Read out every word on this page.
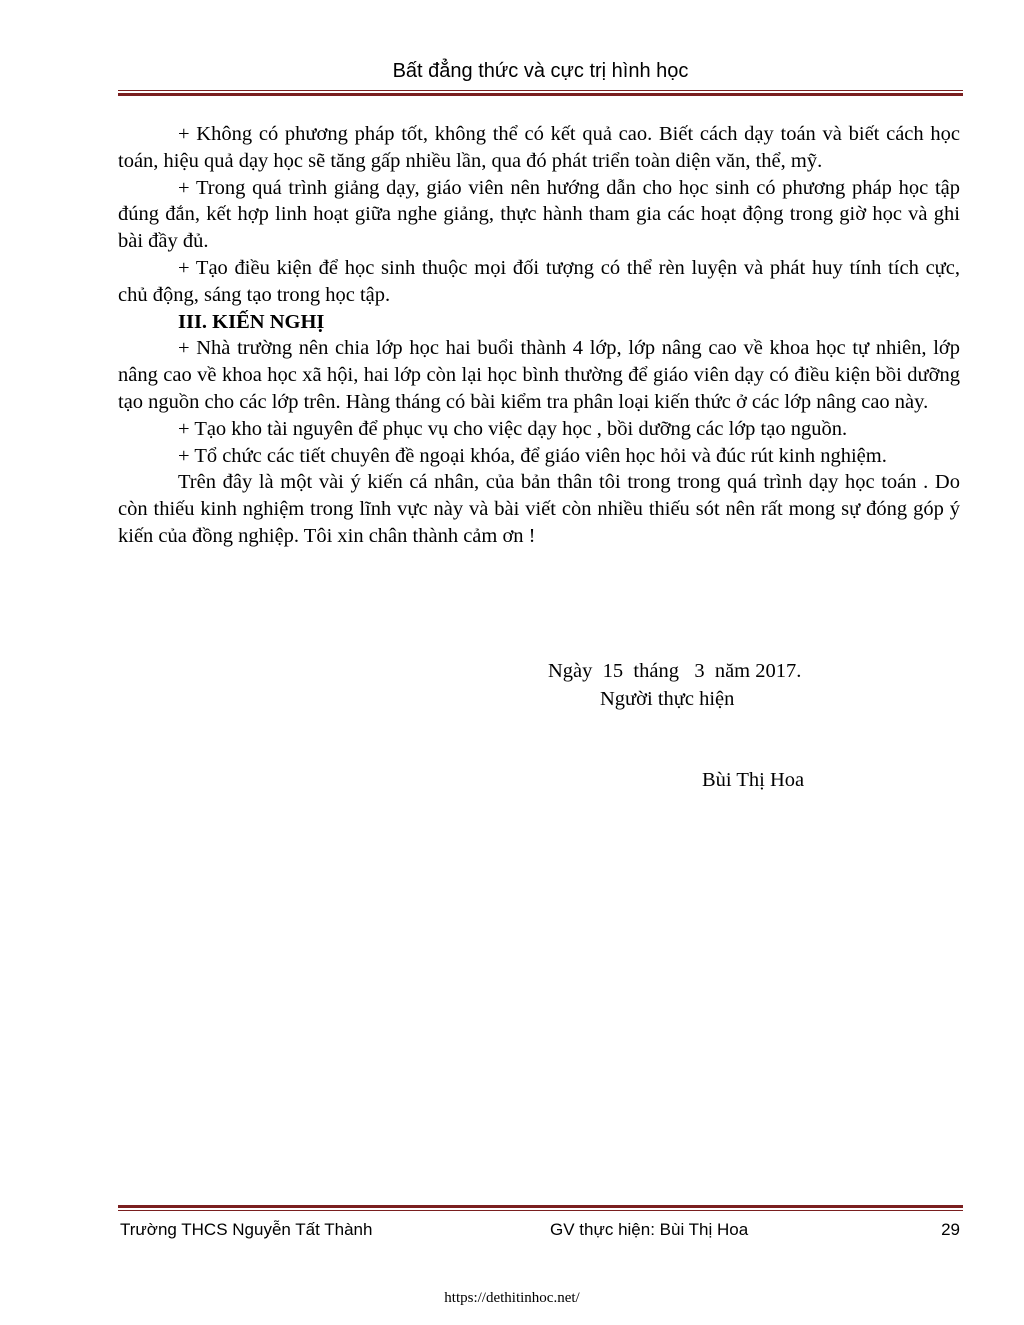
Bất đẳng thức và cực trị hình học

+ Không có phương pháp tốt, không thể có kết quả cao. Biết cách dạy toán và biết cách học toán, hiệu quả dạy học sẽ tăng gấp nhiều lần, qua đó phát triển toàn diện văn, thể, mỹ.

+ Trong quá trình giảng dạy, giáo viên nên hướng dẫn cho học sinh có phương pháp học tập đúng đắn, kết hợp linh hoạt giữa nghe giảng, thực hành tham gia các hoạt động trong giờ học và ghi bài đầy đủ.

+ Tạo điều kiện để học sinh thuộc mọi đối tượng có thể rèn luyện và phát huy tính tích cực, chủ động, sáng tạo trong học tập.

III. KIẾN NGHỊ

+ Nhà trường nên chia lớp học hai buổi thành 4 lớp, lớp nâng cao về khoa học tự nhiên, lớp nâng cao về khoa học xã hội, hai lớp còn lại học bình thường để giáo viên dạy có điều kiện bồi dưỡng tạo nguồn cho các lớp trên. Hàng tháng có bài kiểm tra phân loại kiến thức ở các lớp nâng cao này.

+ Tạo kho tài nguyên để phục vụ cho việc dạy học , bồi dưỡng các lớp tạo nguồn.

+ Tổ chức các tiết chuyên đề ngoại khóa, để giáo viên học hỏi và đúc rút kinh nghiệm.

Trên đây là một vài ý kiến cá nhân, của bản thân tôi trong trong quá trình dạy học toán . Do còn thiếu kinh nghiệm trong lĩnh vực này và bài viết còn nhiều thiếu sót nên rất mong sự đóng góp ý kiến của đồng nghiệp. Tôi xin chân thành cảm ơn !

Ngày  15  tháng   3  năm 2017.
Người thực hiện
Bùi Thị Hoa
Trường THCS Nguyễn Tất Thành	GV thực hiện: Bùi Thị Hoa	29
https://dethitinhoc.net/
